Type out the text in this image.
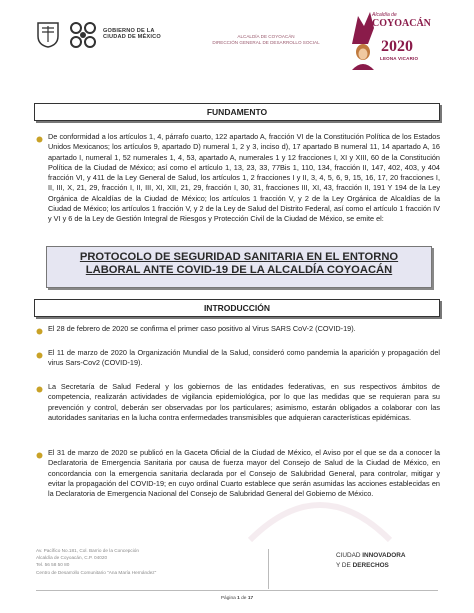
GOBIERNO DE LA
CIUDAD DE MÉXICO	ALCALDÍA DE COYOACÁN
DIRECCIÓN GENERAL DE DESARROLLO SOCIAL
Alcaldía de
COYOACÁN
2020
LEONA VICARIO
FUNDAMENTO
De conformidad a los artículos 1, 4, párrafo cuarto, 122 apartado A, fracción VI de la Constitución Política de los Estados Unidos Mexicanos; los artículos 9, apartado D) numeral 1, 2 y 3, inciso d), 17 apartado B numeral 11, 14 apartado A, 16 apartado I, numeral 1, 52 numerales 1, 4, 53, apartado A, numerales 1 y 12 fracciones I, XI y XIII, 60 de la Constitución Política de la Ciudad de México; así como el artículo 1, 13, 23, 33, 77Bis 1, 110, 134, fracción II, 147, 402, 403, y 404 fracción VI, y 411 de la Ley General de Salud, los artículos 1, 2 fracciones I y II, 3, 4, 5, 6, 9, 15, 16, 17, 20 fracciones I, II, III, X, 21, 29, fracción I, II, III, XI, XII, 21, 29, fracción I, 30, 31, fracciones III, XI, 43, fracción II, 191 Y 194 de la Ley Orgánica de Alcaldías de la Ciudad de México; los artículos 1 fracción V, y 2 de la Ley Orgánica de Alcaldías de la Ciudad de México; los artículos 1 fracción V, y 2 de la Ley de Salud del Distrito Federal, así como el artículo 1 fracción IV y VI y 6 de la Ley de Gestión Integral de Riesgos y Protección Civil de la Ciudad de México, se emite el:
PROTOCOLO DE SEGURIDAD SANITARIA EN EL ENTORNO LABORAL ANTE COVID-19 DE LA ALCALDÍA COYOACÁN
INTRODUCCIÓN
El 28 de febrero de 2020 se confirma el primer caso positivo al Virus SARS CoV-2 (COVID-19).
El 11 de marzo de 2020 la Organización Mundial de la Salud, consideró como pandemia la aparición y propagación del virus Sars-Cov2 (COVID-19).
La Secretaría de Salud Federal y los gobiernos de las entidades federativas, en sus respectivos ámbitos de competencia, realizarán actividades de vigilancia epidemiológica, por lo que las medidas que se requieran para su prevención y control, deberán ser observadas por los particulares; asimismo, estarán obligados a colaborar con las autoridades sanitarias en la lucha contra enfermedades transmisibles que adquieran características epidémicas.
El 31 de marzo de 2020 se publicó en la Gaceta Oficial de la Ciudad de México, el Aviso por el que se da a conocer la Declaratoria de Emergencia Sanitaria por causa de fuerza mayor del Consejo de Salud de la Ciudad de México, en concordancia con la emergencia sanitaria declarada por el Consejo de Salubridad General, para controlar, mitigar y evitar la propagación del COVID-19; en cuyo ordinal Cuarto establece que serán asumidas las acciones establecidas en la Declaratoria de Emergencia Nacional del Consejo de Salubridad General del Gobierno de México.
Av. Pacífico No.181, Col. Barrio de la Concepción
Alcaldía de Coyoacán, C.P. 04020
Tel. 56 58 50 80
Centro de Desarrollo Comunitario "Ana María Hernández"
CIUDAD INNOVADORA
Y DE DERECHOS
Página 1 de 17
